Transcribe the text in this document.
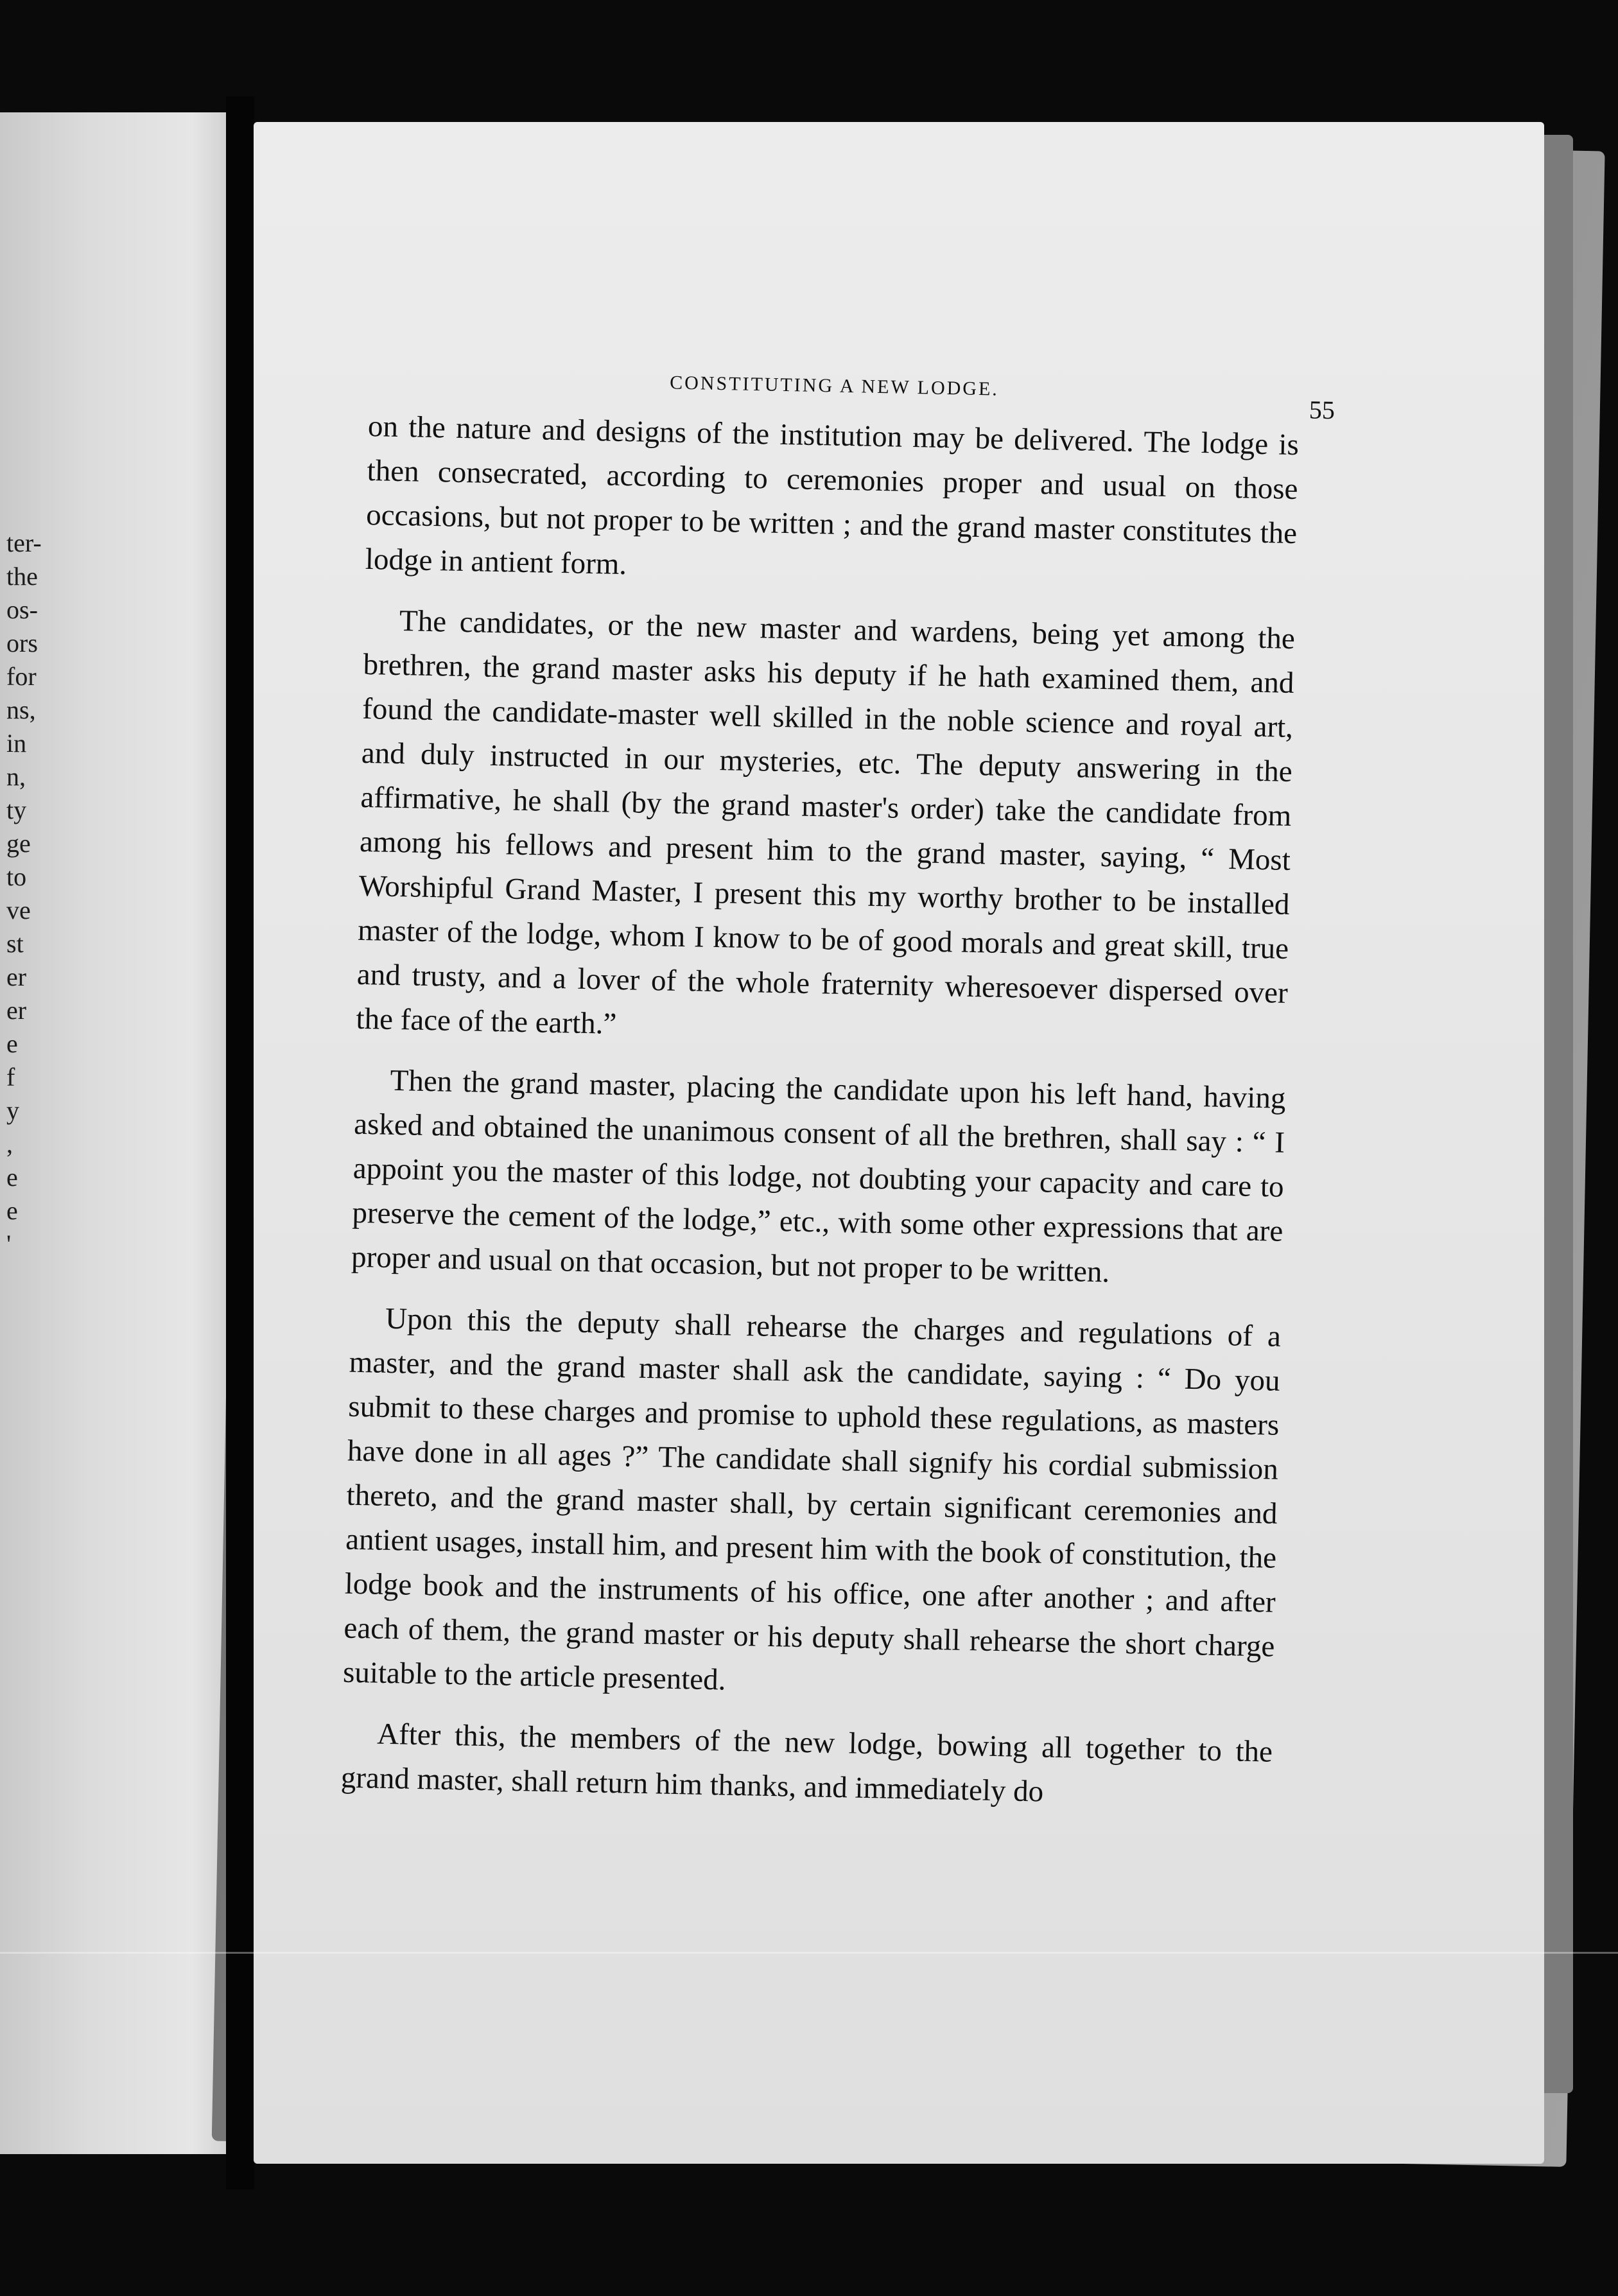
ter-
the
os-
ors
for
ns,
in
n,
ty
ge
to
ve
st
er
er
e
f
y
,
e
e
'
CONSTITUTING A NEW LODGE.
55

on the nature and designs of the institution may be delivered. The lodge is then consecrated, according to ceremonies proper and usual on those occasions, but not proper to be written ; and the grand master constitutes the lodge in antient form.

The candidates, or the new master and wardens, being yet among the brethren, the grand master asks his deputy if he hath examined them, and found the candidate-master well skilled in the noble science and royal art, and duly instructed in our mysteries, etc. The deputy answering in the affirmative, he shall (by the grand master's order) take the candidate from among his fellows and present him to the grand master, saying, “ Most Worshipful Grand Master, I present this my worthy brother to be installed master of the lodge, whom I know to be of good morals and great skill, true and trusty, and a lover of the whole fraternity wheresoever dispersed over the face of the earth.”

Then the grand master, placing the candidate upon his left hand, having asked and obtained the unanimous consent of all the brethren, shall say : “ I appoint you the master of this lodge, not doubting your capacity and care to preserve the cement of the lodge,” etc., with some other expressions that are proper and usual on that occasion, but not proper to be written.

Upon this the deputy shall rehearse the charges and regulations of a master, and the grand master shall ask the candidate, saying : “ Do you submit to these charges and promise to uphold these regulations, as masters have done in all ages ?” The candidate shall signify his cordial submission thereto, and the grand master shall, by certain significant ceremonies and antient usages, install him, and present him with the book of constitution, the lodge book and the instruments of his office, one after another ; and after each of them, the grand master or his deputy shall rehearse the short charge suitable to the article presented.

After this, the members of the new lodge, bowing all together to the grand master, shall return him thanks, and immediately do
